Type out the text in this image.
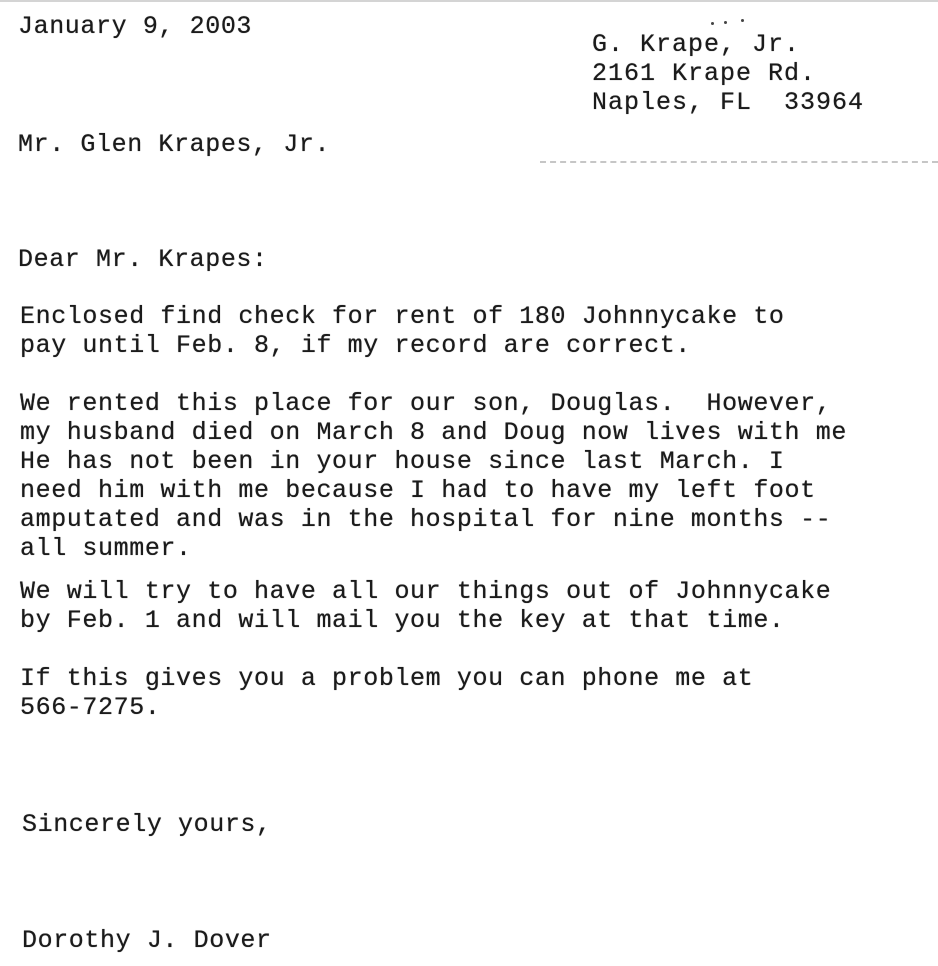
January 9, 2003
G. Krape, Jr.
2161 Krape Rd.
Naples, FL  33964
Mr. Glen Krapes, Jr.
Dear Mr. Krapes:
Enclosed find check for rent of 180 Johnnycake to
pay until Feb. 8, if my record are correct.
We rented this place for our son, Douglas.  However,
my husband died on March 8 and Doug now lives with me
He has not been in your house since last March. I
need him with me because I had to have my left foot
amputated and was in the hospital for nine months --
all summer.
We will try to have all our things out of Johnnycake
by Feb. 1 and will mail you the key at that time.
If this gives you a problem you can phone me at
566-7275.
Sincerely yours,
Dorothy J. Dover
